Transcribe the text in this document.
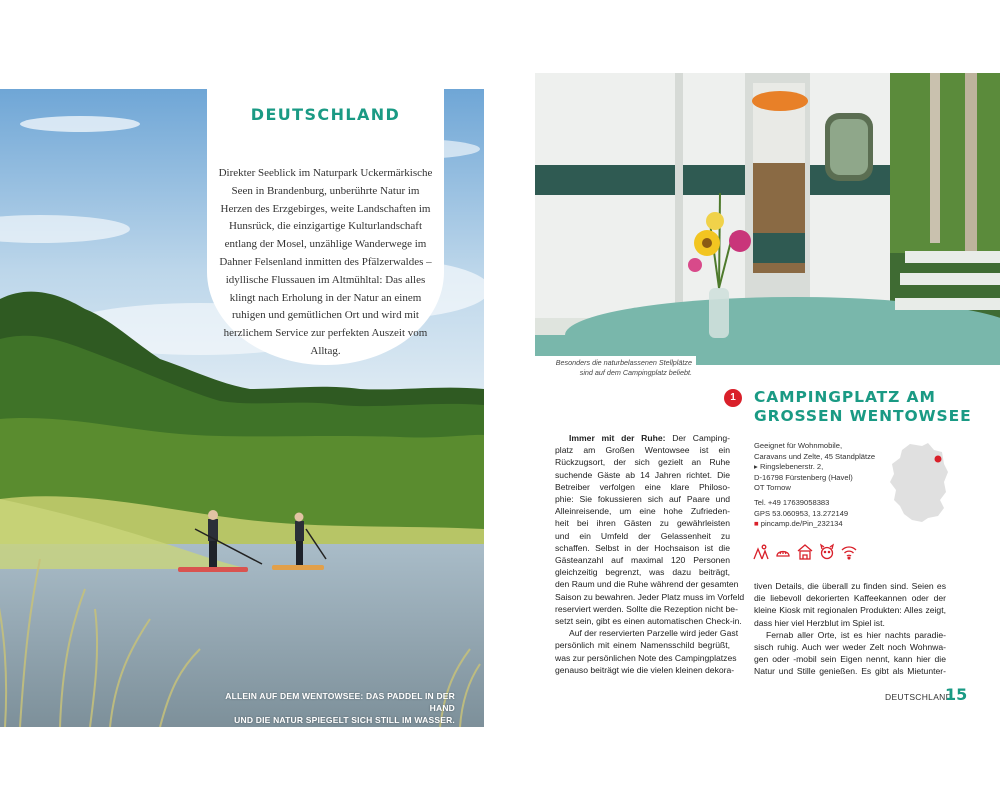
ALLEIN AUF DEM WENTOWSEE: DAS PADDEL IN DER HAND
UND DIE NATUR SPIEGELT SICH STILL IM WASSER.
DEUTSCHLAND
Direkter Seeblick im Naturpark Uckermärkische Seen in Brandenburg, unberührte Natur im Herzen des Erzgebirges, weite Landschaften im Hunsrück, die einzigartige Kulturlandschaft entlang der Mosel, unzählige Wanderwege im Dahner Felsenland inmitten des Pfälzerwaldes – idyllische Flussauen im Altmühltal: Das alles klingt nach Erholung in der Natur an einem ruhigen und gemütlichen Ort und wird mit herzlichem Service zur perfekten Auszeit vom Alltag.
Besonders die naturbelassenen Stellplätze
sind auf dem Campingplatz beliebt.
1	CAMPINGPLATZ AM
GROSSEN WENTOWSEE
Immer mit der Ruhe: Der Camping-
platz am Großen Wentowsee ist ein
Rückzugsort, der sich gezielt an Ruhe
suchende Gäste ab 14 Jahren richtet. Die
Betreiber verfolgen eine klare Philoso-
phie: Sie fokussieren sich auf Paare und
Alleinreisende, um eine hohe Zufrieden-
heit bei ihren Gästen zu gewährleisten
und ein Umfeld der Gelassenheit zu
schaffen. Selbst in der Hochsaison ist die
Gästeanzahl auf maximal 120 Personen
gleichzeitig begrenzt, was dazu beiträgt,
den Raum und die Ruhe während der gesamten
Saison zu bewahren. Jeder Platz muss im Vorfeld
reserviert werden. Sollte die Rezeption nicht be-
setzt sein, gibt es einen automatischen Check-in.
Auf der reservierten Parzelle wird jeder Gast
persönlich mit einem Namensschild begrüßt,
was zur persönlichen Note des Campingplatzes
genauso beiträgt wie die vielen kleinen dekora-
Geeignet für Wohnmobile,
Caravans und Zelte, 45 Standplätze
▸ Ringslebenerstr. 2,
D-16798 Fürstenberg (Havel)
OT Tornow
Tel. +49 17639058383
GPS 53.060953, 13.272149
■ pincamp.de/Pin_232134
tiven Details, die überall zu finden sind. Seien es
die liebevoll dekorierten Kaffeekannen oder der
kleine Kiosk mit regionalen Produkten: Alles zeigt,
dass hier viel Herzblut im Spiel ist.
Fernab aller Orte, ist es hier nachts paradie-
sisch ruhig. Auch wer weder Zelt noch Wohnwa-
gen oder -mobil sein Eigen nennt, kann hier die
Natur und Stille genießen. Es gibt als Mietunter-
DEUTSCHLAND
15
